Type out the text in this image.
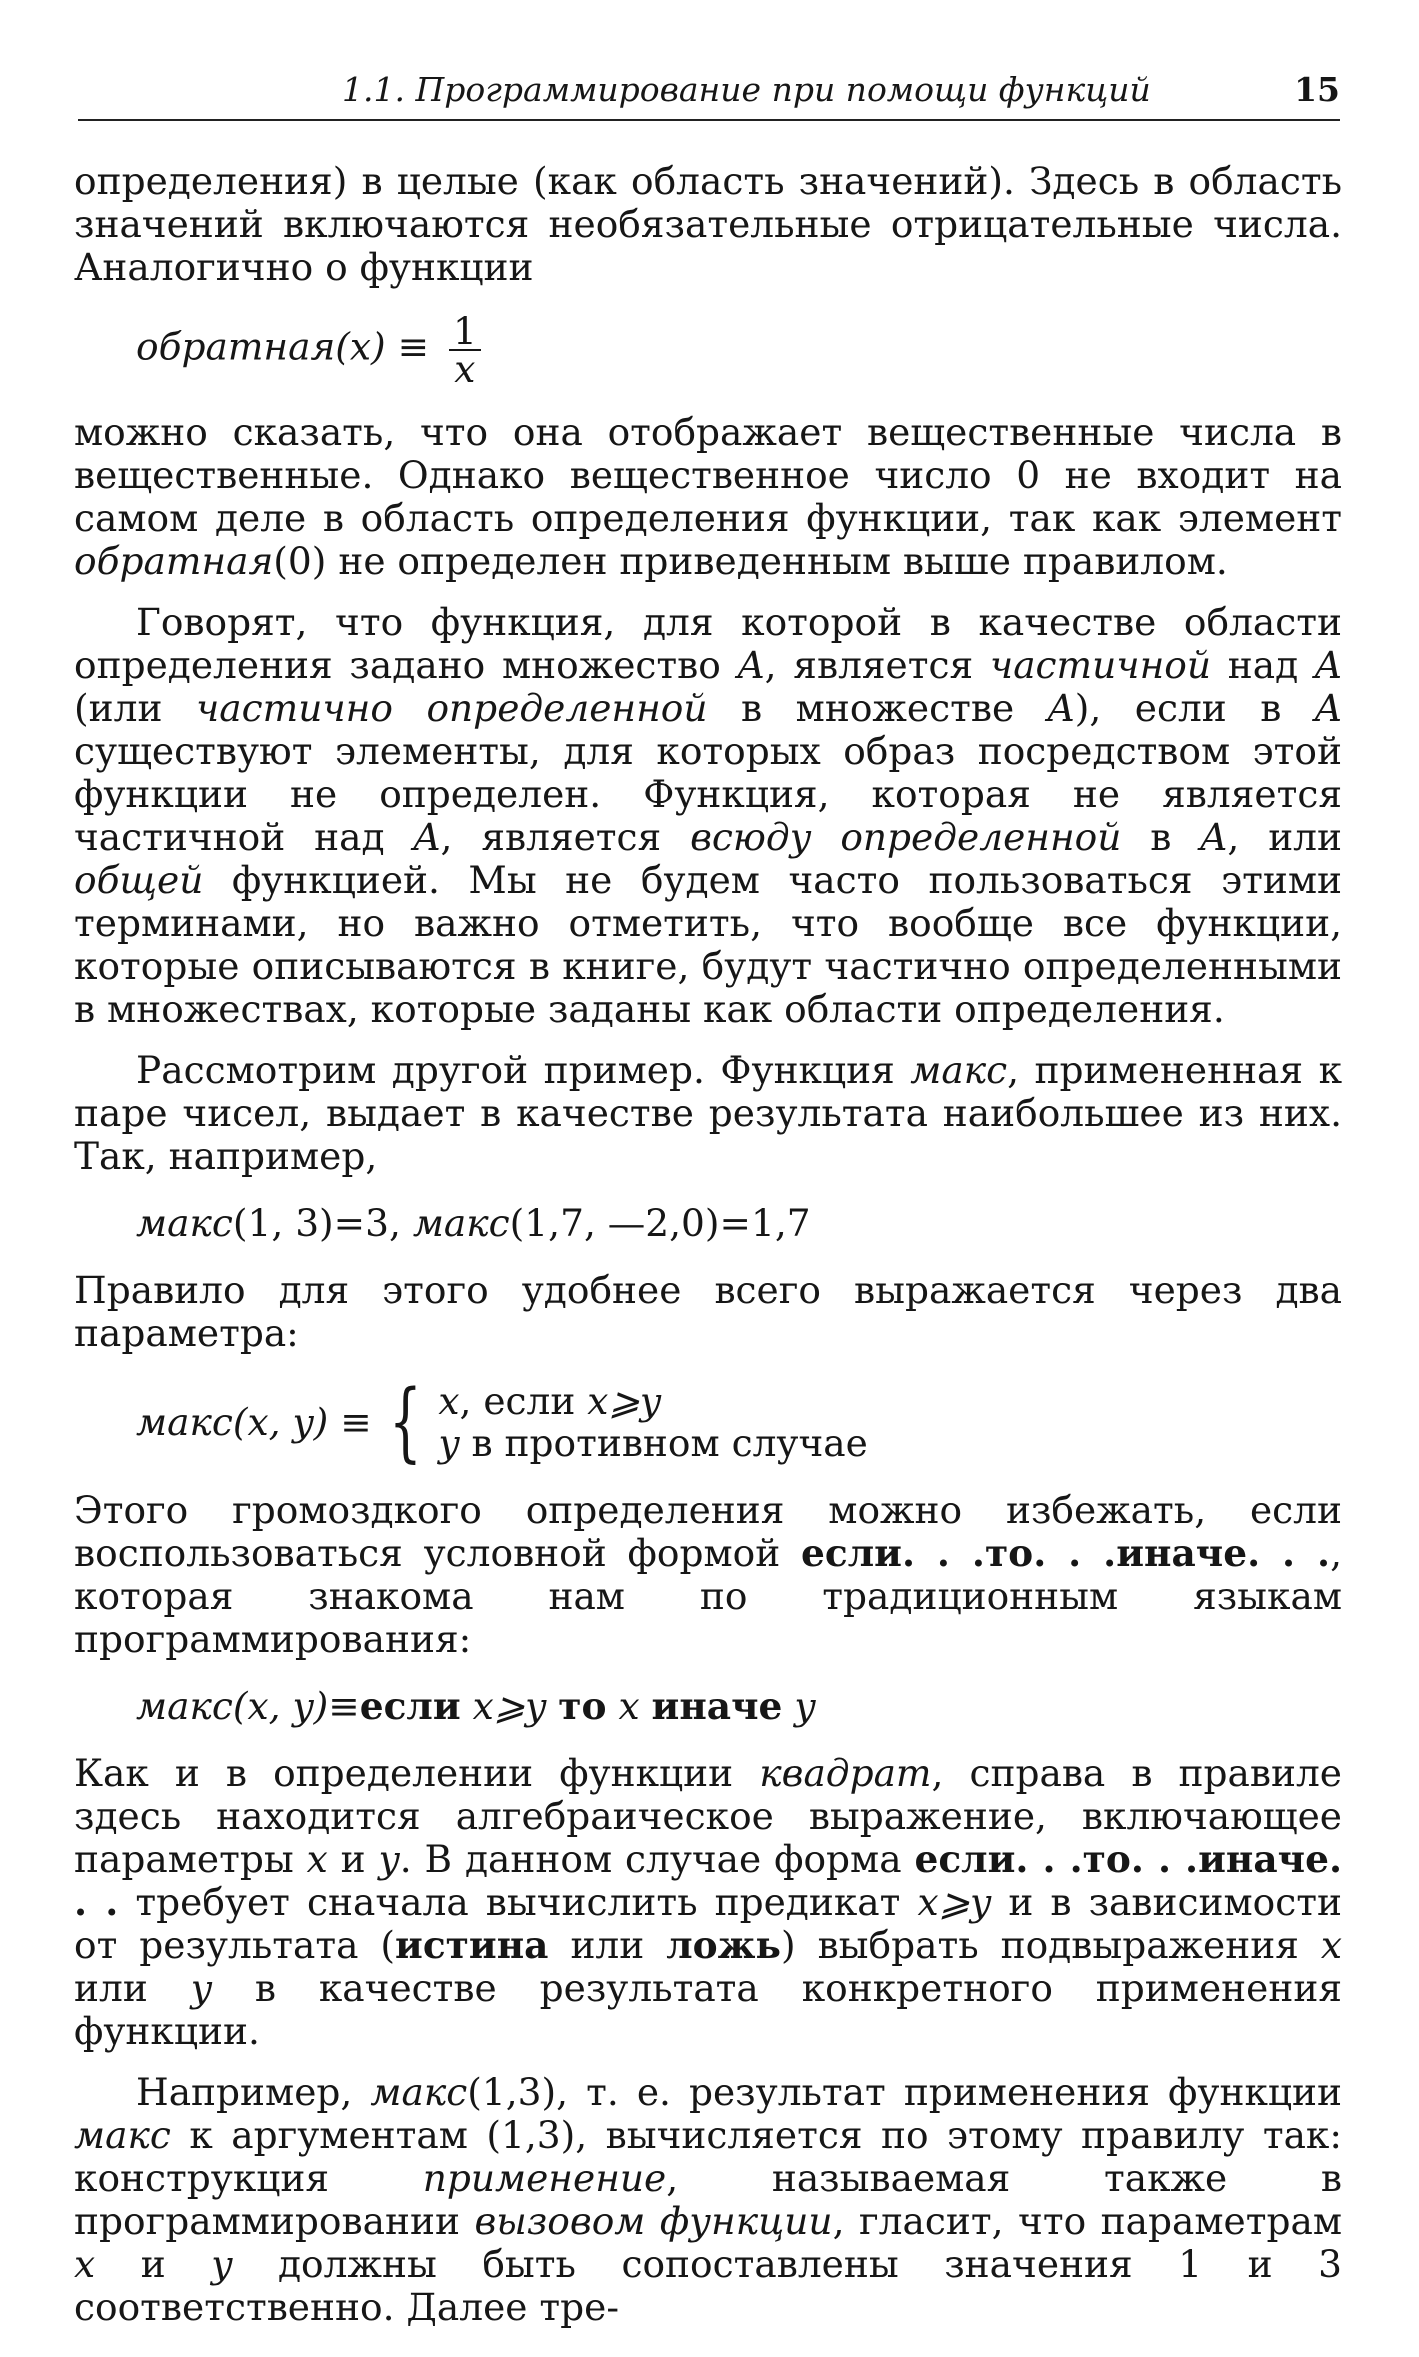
1.1. Программирование при помощи функций	15

определения) в целые (как область значений). Здесь в область значений включаются необязательные отрицательные числа. Аналогично о функции

обратная(x) ≡ $\frac{1}{x}$

можно сказать, что она отображает вещественные числа в вещественные. Однако вещественное число 0 не входит на самом деле в область определения функции, так как элемент обратная(0) не определен приведенным выше правилом.

Говорят, что функция, для которой в качестве области определения задано множество A, является частичной над A (или частично определенной в множестве A), если в A существуют элементы, для которых образ посредством этой функции не определен. Функция, которая не является частичной над A, является всюду определенной в A, или общей функцией. Мы не будем часто пользоваться этими терминами, но важно отметить, что вообще все функции, которые описываются в книге, будут частично определенными в множествах, которые заданы как области определения.

Рассмотрим другой пример. Функция макс, примененная к паре чисел, выдает в качестве результата наибольшее из них. Так, например,

макс(1, 3)=3, макс(1,7, —2,0)=1,7

Правило для этого удобнее всего выражается через два параметра:

макс(x, y) ≡ { x, если x⩾y
y в противном случае

Этого громоздкого определения можно избежать, если воспользоваться условной формой если. . .то. . .иначе. . ., которая знакома нам по традиционным языкам программирования:

макс(x, y)≡если x⩾y то x иначе y

Как и в определении функции квадрат, справа в правиле здесь находится алгебраическое выражение, включающее параметры x и y. В данном случае форма если. . .то. . .иначе. . . требует сначала вычислить предикат x⩾y и в зависимости от результата (истина или ложь) выбрать подвыражения x или y в качестве результата конкретного применения функции.

Например, макс(1,3), т. е. результат применения функции макс к аргументам (1,3), вычисляется по этому правилу так: конструкция применение, называемая также в программировании вызовом функции, гласит, что параметрам x и y должны быть сопоставлены значения 1 и 3 соответственно. Далее тре-
